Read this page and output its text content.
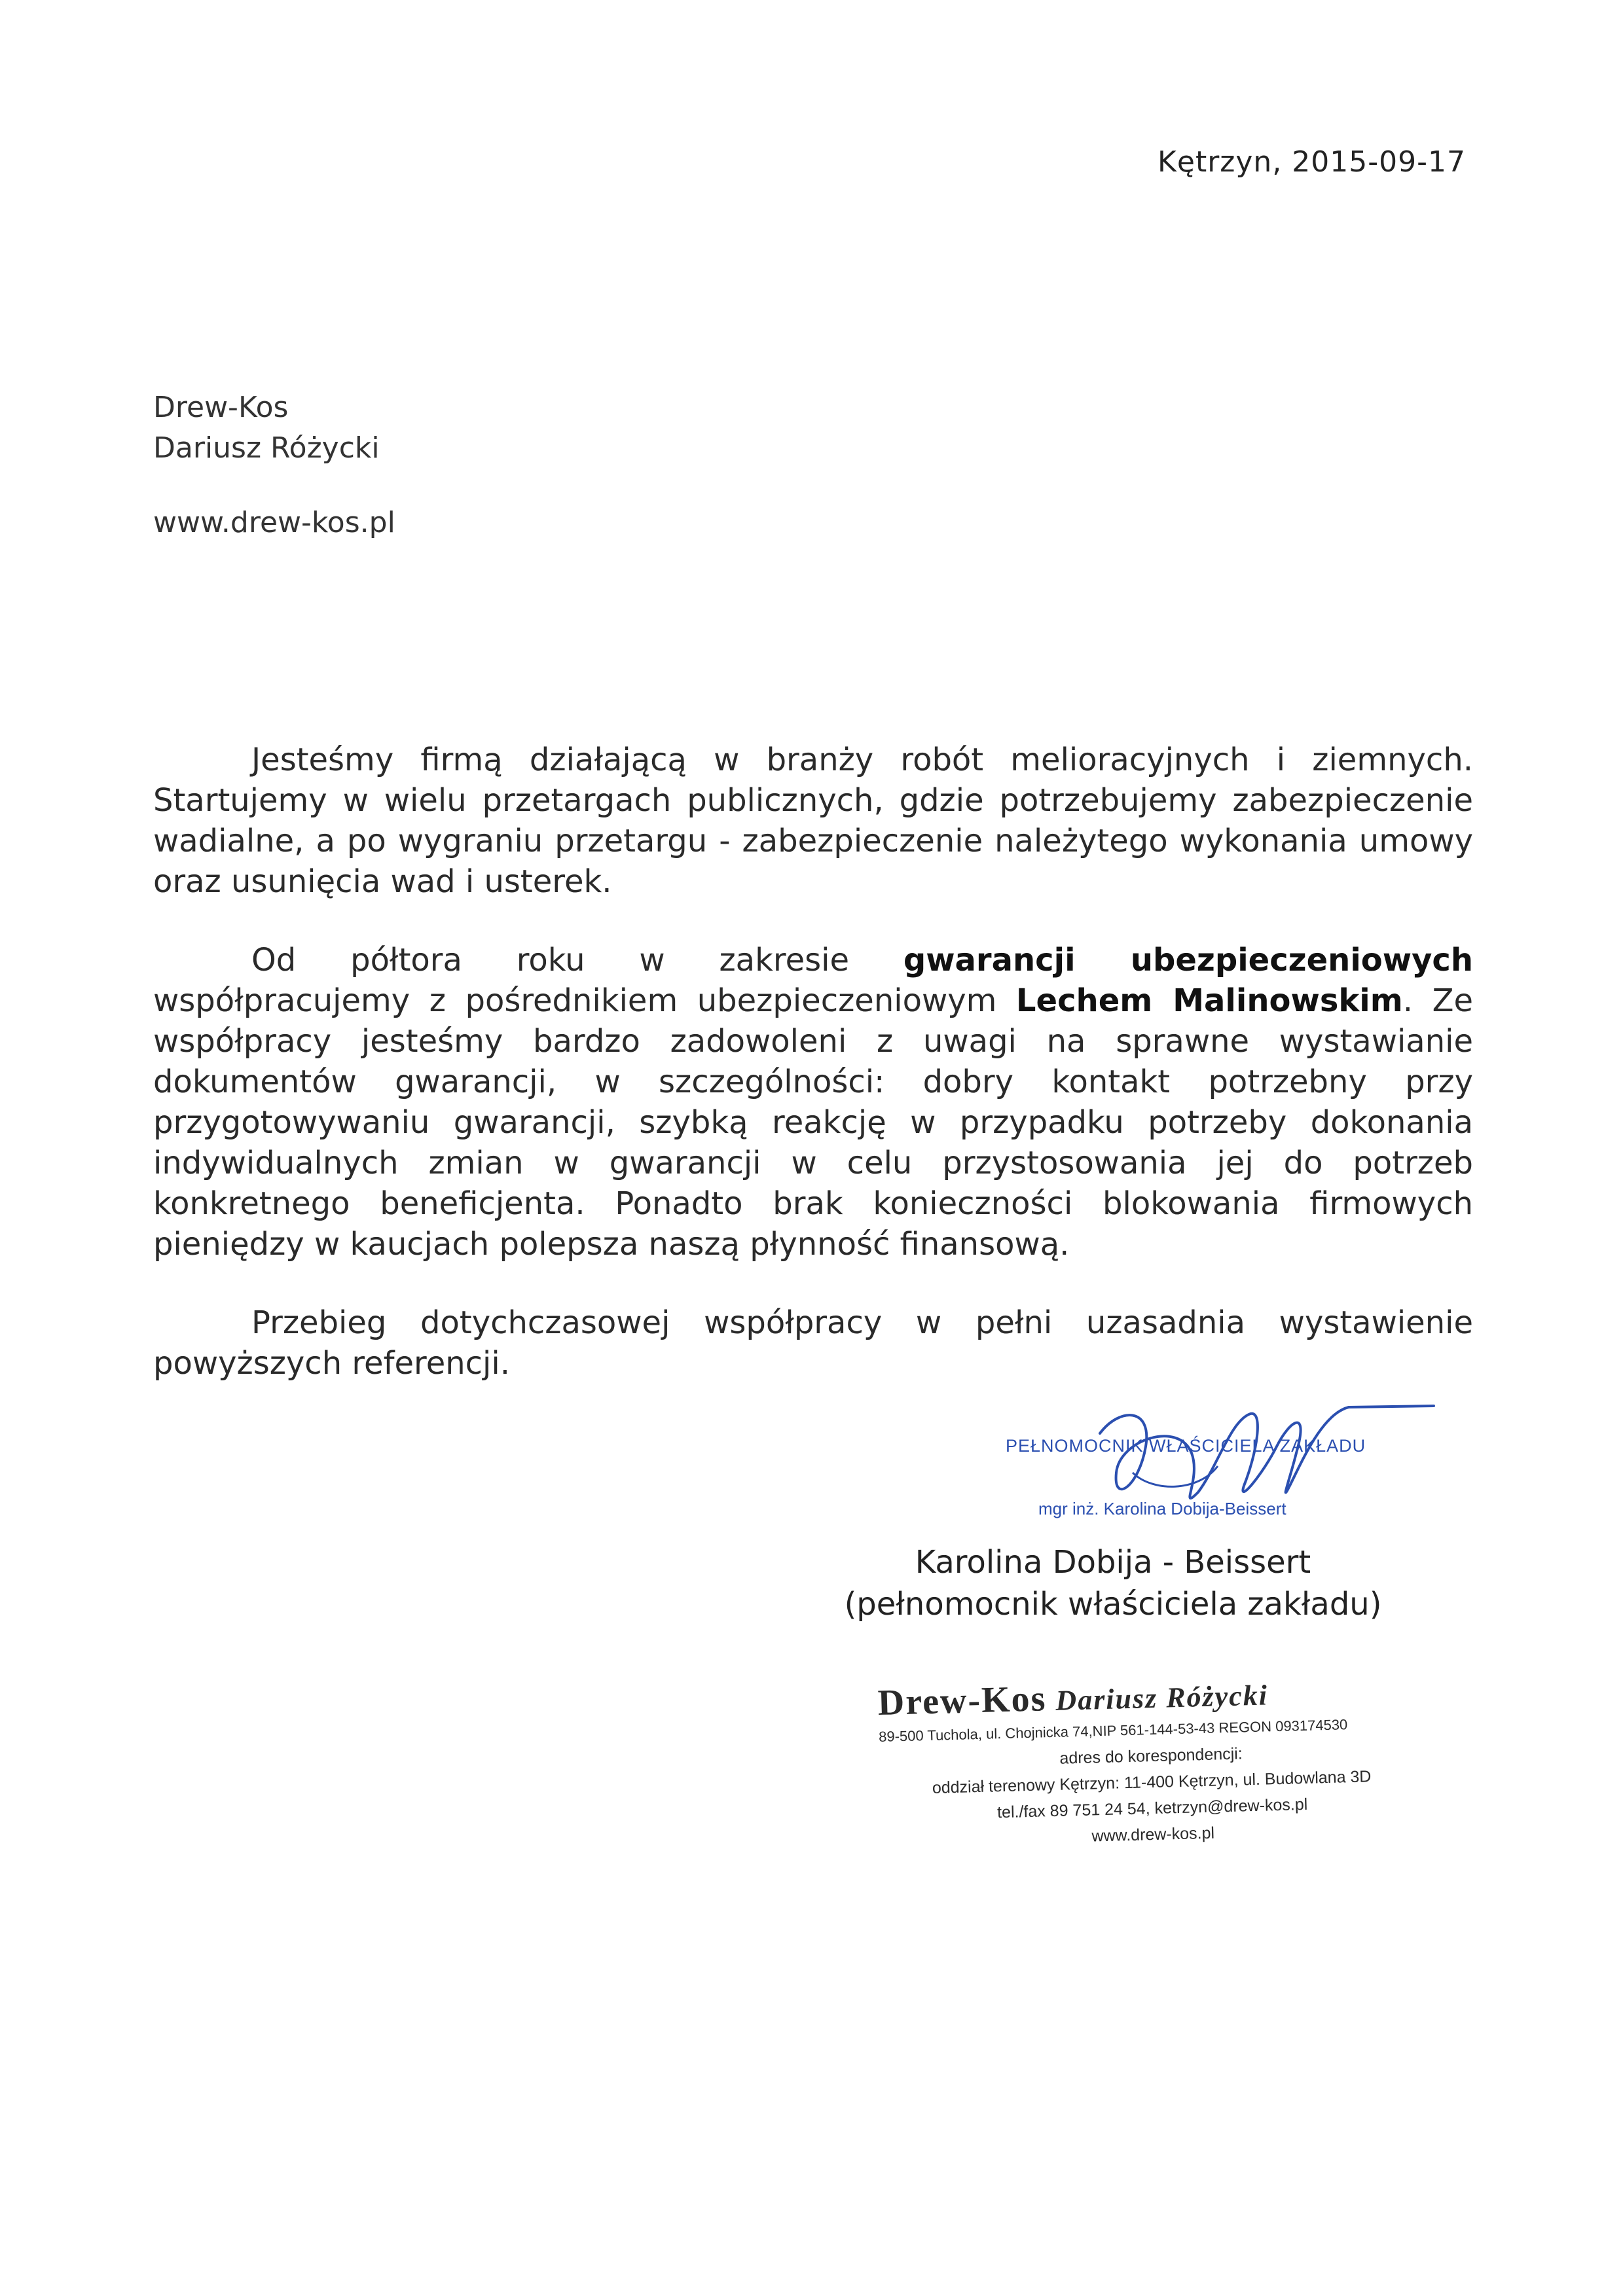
Kętrzyn, 2015-09-17
Drew-Kos
Dariusz Różycki
www.drew-kos.pl

Jesteśmy firmą działającą w branży robót melioracyjnych i ziemnych. Startujemy w wielu przetargach publicznych, gdzie potrzebujemy zabezpieczenie wadialne, a po wygraniu przetargu - zabezpieczenie należytego wykonania umowy oraz usunięcia wad i usterek.

Od półtora roku w zakresie gwarancji ubezpieczeniowych współpracujemy z pośrednikiem ubezpieczeniowym Lechem Malinowskim. Ze współpracy jesteśmy bardzo zadowoleni z uwagi na sprawne wystawianie dokumentów gwarancji, w szczególności: dobry kontakt potrzebny przy przygotowywaniu gwarancji, szybką reakcję w przypadku potrzeby dokonania indywidualnych zmian w gwarancji w celu przystosowania jej do potrzeb konkretnego beneficjenta. Ponadto brak konieczności blokowania firmowych pieniędzy w kaucjach polepsza naszą płynność finansową.

Przebieg dotychczasowej współpracy w pełni uzasadnia wystawienie powyższych referencji.

PEŁNOMOCNIK WŁAŚCICIELA ZAKŁADU
mgr inż. Karolina Dobija-Beissert
Karolina Dobija - Beissert
(pełnomocnik właściciela zakładu)
Drew-Kos Dariusz Różycki
89-500 Tuchola, ul. Chojnicka 74,NIP 561-144-53-43 REGON 093174530
adres do korespondencji:
oddział terenowy Kętrzyn: 11-400 Kętrzyn, ul. Budowlana 3D
tel./fax 89 751 24 54, ketrzyn@drew-kos.pl
www.drew-kos.pl
